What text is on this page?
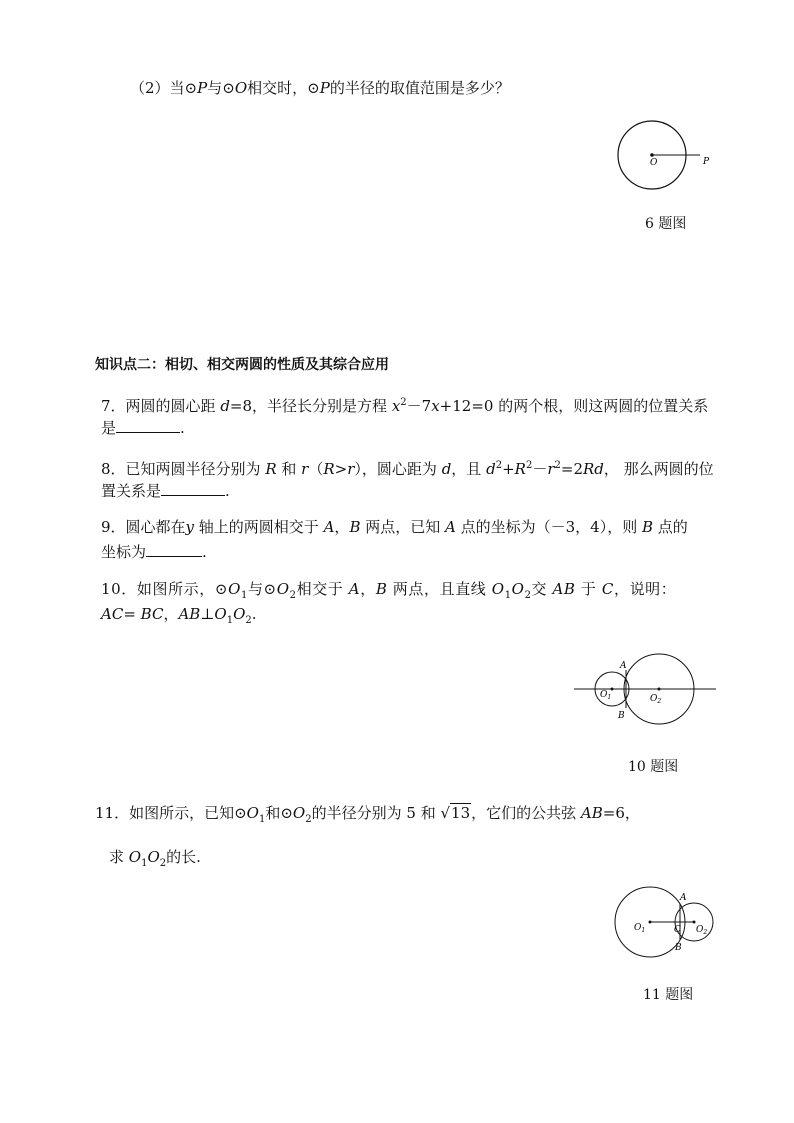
（2）当⊙P与⊙O相交时，⊙P的半径的取值范围是多少？
O	P
6 题图
知识点二：相切、相交两圆的性质及其综合应用
7．两圆的圆心距 d=8，半径长分别是方程 $x^2-7x+12=0$ 的两个根，则这两圆的位置关系
是	.
8．已知两圆半径分别为 R 和 r（R>r），圆心距为 d，且 $d^2+R^2-r^2=2Rd$， 那么两圆的位
置关系是	.
9．圆心都在y 轴上的两圆相交于 A，B 两点，已知 A 点的坐标为（－3，4），则 B 点的
坐标为	.
10．如图所示，$⊙O_1$与$⊙O_2$相交于 A，B 两点，且直线 $O_1O_2$交 AB 于 C，说明：
AC= BC，$AB\perp O_1O_2$.
A
B
$O_1$	$O_2$
10 题图
11．如图所示，已知$⊙O_1$和$⊙O_2$的半径分别为 5 和 √13，它们的公共弦 AB=6，
求 $O_1O_2$的长.
A
B
C
$O_1$	$O_2$
11 题图
